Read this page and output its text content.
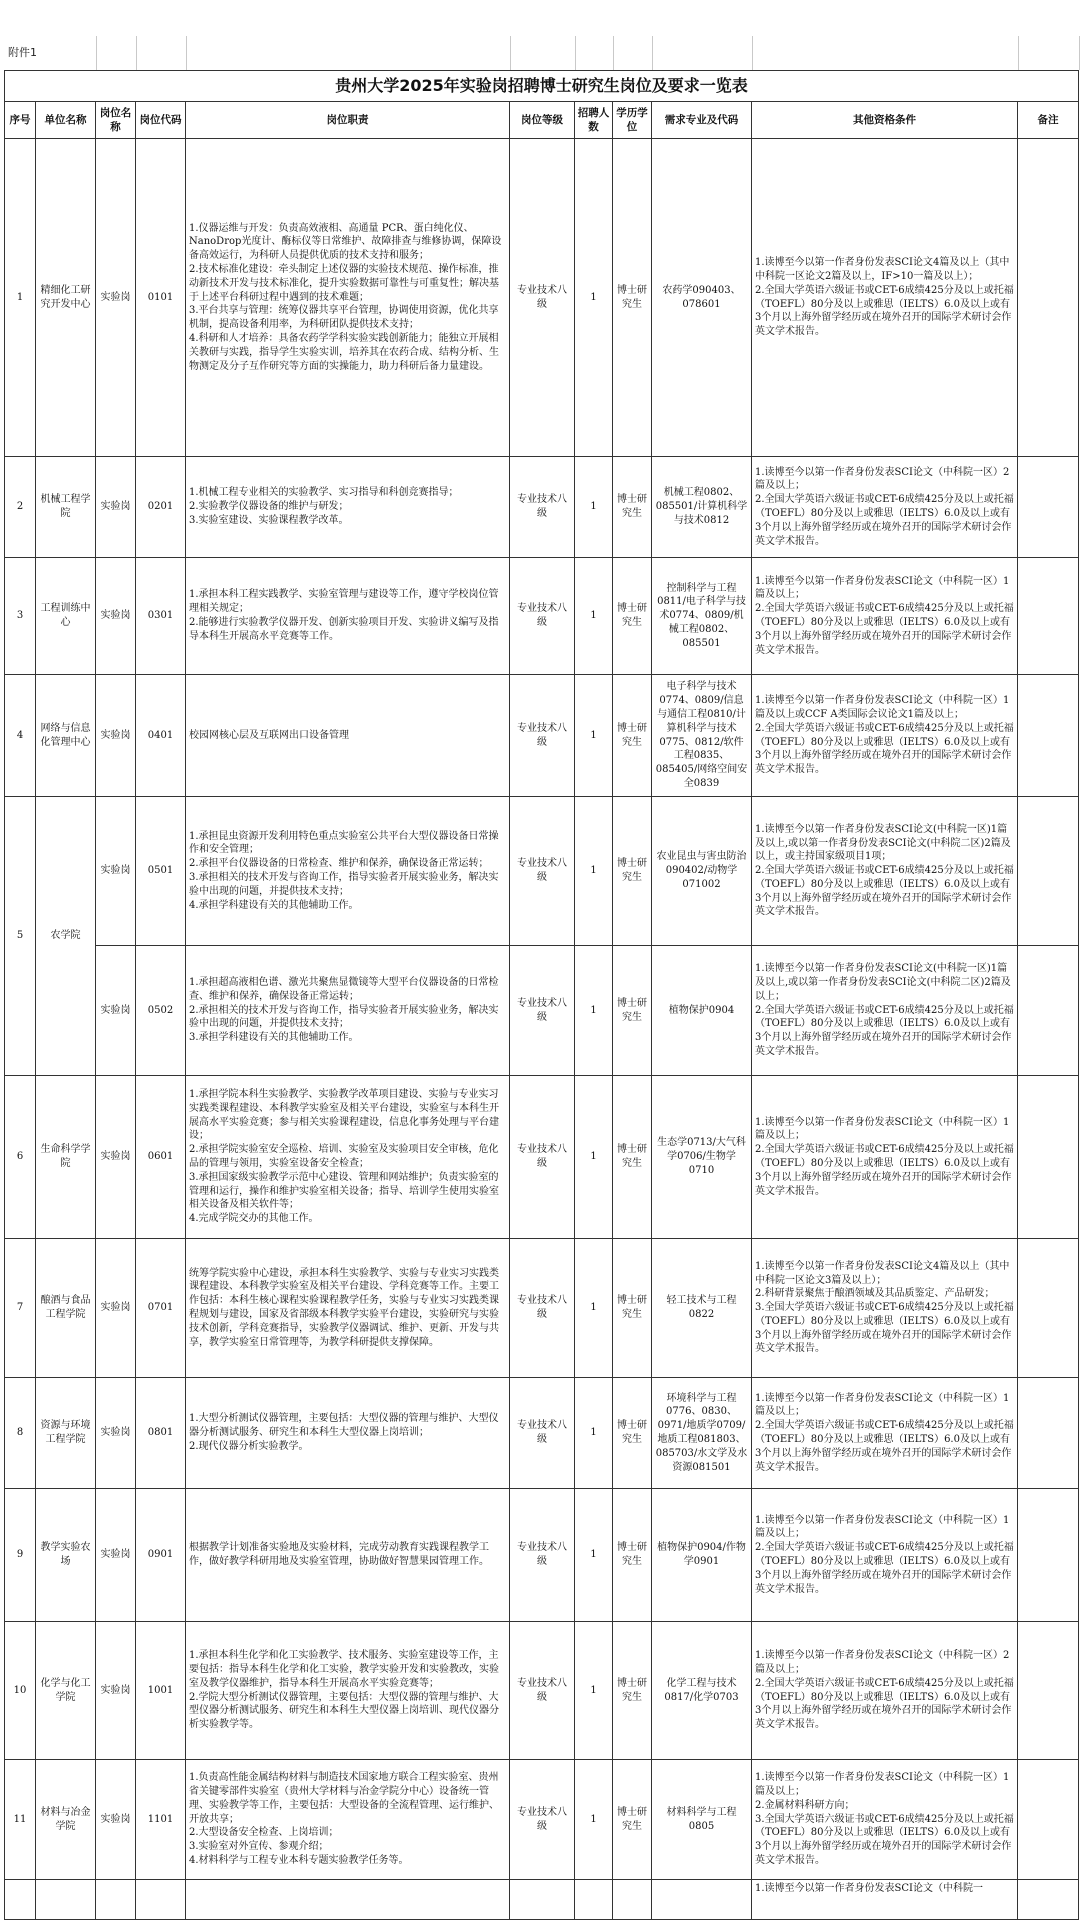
附件1
贵州大学2025年实验岗招聘博士研究生岗位及要求一览表										
序号	单位名称	岗位名称	岗位代码	岗位职责	岗位等级	招聘人数	学历学位	需求专业及代码	其他资格条件	备注
1	精细化工研究开发中心	实验岗	0101	1.仪器运维与开发：负责高效液相、高通量 PCR、蛋白纯化仪、NanoDrop光度计、酶标仪等日常维护、故障排查与维修协调，保障设备高效运行，为科研人员提供优质的技术支持和服务；
2.技术标准化建设：牵头制定上述仪器的实验技术规范、操作标准，推动新技术开发与技术标准化，提升实验数据可靠性与可重复性；解决基于上述平台科研过程中遇到的技术难题；
3.平台共享与管理：统筹仪器共享平台管理，协调使用资源，优化共享机制，提高设备利用率，为科研团队提供技术支持；
4.科研和人才培养：具备农药学学科实验实践创新能力；能独立开展相关教研与实践，指导学生实验实训，培养其在农药合成、结构分析、生物测定及分子互作研究等方面的实操能力，助力科研后备力量建设。	专业技术八级	1	博士研究生	农药学090403、078601	1.读博至今以第一作者身份发表SCI论文4篇及以上（其中中科院一区论文2篇及以上，IF>10一篇及以上）；
2.全国大学英语六级证书或CET-6成绩425分及以上或托福（TOEFL）80分及以上或雅思（IELTS）6.0及以上或有3个月以上海外留学经历或在境外召开的国际学术研讨会作英文学术报告。	
2	机械工程学院	实验岗	0201	1.机械工程专业相关的实验教学、实习指导和科创竞赛指导；
2.实验教学仪器设备的维护与研发；
3.实验室建设、实验课程教学改革。	专业技术八级	1	博士研究生	机械工程0802、085501/计算机科学与技术0812	1.读博至今以第一作者身份发表SCI论文（中科院一区）2篇及以上；
2.全国大学英语六级证书或CET-6成绩425分及以上或托福（TOEFL）80分及以上或雅思（IELTS）6.0及以上或有3个月以上海外留学经历或在境外召开的国际学术研讨会作英文学术报告。	
3	工程训练中心	实验岗	0301	1.承担本科工程实践教学、实验室管理与建设等工作，遵守学校岗位管理相关规定；
2.能够进行实验教学仪器开发、创新实验项目开发、实验讲义编写及指导本科生开展高水平竞赛等工作。	专业技术八级	1	博士研究生	控制科学与工程0811/电子科学与技术0774、0809/机械工程0802、085501	1.读博至今以第一作者身份发表SCI论文（中科院一区）1篇及以上；
2.全国大学英语六级证书或CET-6成绩425分及以上或托福（TOEFL）80分及以上或雅思（IELTS）6.0及以上或有3个月以上海外留学经历或在境外召开的国际学术研讨会作英文学术报告。	
4	网络与信息化管理中心	实验岗	0401	校园网核心层及互联网出口设备管理	专业技术八级	1	博士研究生	电子科学与技术0774、0809/信息与通信工程0810/计算机科学与技术0775、0812/软件工程0835、085405/网络空间安全0839	1.读博至今以第一作者身份发表SCI论文（中科院一区）1篇及以上或CCF A类国际会议论文1篇及以上；
2.全国大学英语六级证书或CET-6成绩425分及以上或托福（TOEFL）80分及以上或雅思（IELTS）6.0及以上或有3个月以上海外留学经历或在境外召开的国际学术研讨会作英文学术报告。	
5	农学院	实验岗	0501	1.承担昆虫资源开发利用特色重点实验室公共平台大型仪器设备日常操作和安全管理；
2.承担平台仪器设备的日常检查、维护和保养，确保设备正常运转；
3.承担相关的技术开发与咨询工作，指导实验者开展实验业务，解决实验中出现的问题，并提供技术支持；
4.承担学科建设有关的其他辅助工作。	专业技术八级	1	博士研究生	农业昆虫与害虫防治090402/动物学071002	1.读博至今以第一作者身份发表SCI论文(中科院一区)1篇及以上,或以第一作者身份发表SCI论文(中科院二区)2篇及以上，或主持国家级项目1项；
2.全国大学英语六级证书或CET-6成绩425分及以上或托福（TOEFL）80分及以上或雅思（IELTS）6.0及以上或有3个月以上海外留学经历或在境外召开的国际学术研讨会作英文学术报告。	
		实验岗	0502	1.承担超高液相色谱、激光共聚焦显微镜等大型平台仪器设备的日常检查、维护和保养，确保设备正常运转；
2.承担相关的技术开发与咨询工作，指导实验者开展实验业务，解决实验中出现的问题，并提供技术支持；
3.承担学科建设有关的其他辅助工作。	专业技术八级	1	博士研究生	植物保护0904	1.读博至今以第一作者身份发表SCI论文(中科院一区)1篇及以上,或以第一作者身份发表SCI论文(中科院二区)2篇及以上；
2.全国大学英语六级证书或CET-6成绩425分及以上或托福（TOEFL）80分及以上或雅思（IELTS）6.0及以上或有3个月以上海外留学经历或在境外召开的国际学术研讨会作英文学术报告。	
6	生命科学学院	实验岗	0601	1.承担学院本科生实验教学、实验教学改革项目建设、实验与专业实习实践类课程建设、本科教学实验室及相关平台建设，实验室与本科生开展高水平实验竞赛；参与相关实验课程建设，信息化事务处理与平台建设；
2.承担学院实验室安全巡检、培训、实验室及实验项目安全审核，危化品的管理与领用，实验室设备安全检查；
3.承担国家级实验教学示范中心建设、管理和网站维护；负责实验室的管理和运行，操作和维护实验室相关设备；指导、培训学生使用实验室相关设备及相关软件等；
4.完成学院交办的其他工作。	专业技术八级	1	博士研究生	生态学0713/大气科学0706/生物学0710	1.读博至今以第一作者身份发表SCI论文（中科院一区）1篇及以上；
2.全国大学英语六级证书或CET-6成绩425分及以上或托福（TOEFL）80分及以上或雅思（IELTS）6.0及以上或有3个月以上海外留学经历或在境外召开的国际学术研讨会作英文学术报告。	
7	酿酒与食品工程学院	实验岗	0701	统筹学院实验中心建设，承担本科生实验教学、实验与专业实习实践类课程建设、本科教学实验室及相关平台建设、学科竞赛等工作。主要工作包括：本科生核心课程实验课程教学任务，实验与专业实习实践类课程规划与建设，国家及省部级本科教学实验平台建设，实验研究与实验技术创新，学科竞赛指导，实验教学仪器调试、维护、更新、开发与共享，教学实验室日常管理等，为教学科研提供支撑保障。	专业技术八级	1	博士研究生	轻工技术与工程0822	1.读博至今以第一作者身份发表SCI论文4篇及以上（其中中科院一区论文3篇及以上）；
2.科研背景聚焦于酿酒领域及其品质鉴定、产品研发；
3.全国大学英语六级证书或CET-6成绩425分及以上或托福（TOEFL）80分及以上或雅思（IELTS）6.0及以上或有3个月以上海外留学经历或在境外召开的国际学术研讨会作英文学术报告。	
8	资源与环境工程学院	实验岗	0801	1.大型分析测试仪器管理，主要包括：大型仪器的管理与维护、大型仪器分析测试服务、研究生和本科生大型仪器上岗培训；
2.现代仪器分析实验教学。	专业技术八级	1	博士研究生	环境科学与工程0776、0830、0971/地质学0709/地质工程081803、085703/水文学及水资源081501	1.读博至今以第一作者身份发表SCI论文（中科院一区）1篇及以上；
2.全国大学英语六级证书或CET-6成绩425分及以上或托福（TOEFL）80分及以上或雅思（IELTS）6.0及以上或有3个月以上海外留学经历或在境外召开的国际学术研讨会作英文学术报告。	
9	教学实验农场	实验岗	0901	根据教学计划准备实验地及实验材料，完成劳动教育实践课程教学工作，做好教学科研用地及实验室管理，协助做好智慧果园管理工作。	专业技术八级	1	博士研究生	植物保护0904/作物学0901	1.读博至今以第一作者身份发表SCI论文（中科院一区）1篇及以上；
2.全国大学英语六级证书或CET-6成绩425分及以上或托福（TOEFL）80分及以上或雅思（IELTS）6.0及以上或有3个月以上海外留学经历或在境外召开的国际学术研讨会作英文学术报告。	
10	化学与化工学院	实验岗	1001	1.承担本科生化学和化工实验教学、技术服务、实验室建设等工作，主要包括：指导本科生化学和化工实验，教学实验开发和实验教改，实验室及教学仪器维护，指导本科生开展高水平实验竞赛等；
2.学院大型分析测试仪器管理，主要包括：大型仪器的管理与维护、大型仪器分析测试服务、研究生和本科生大型仪器上岗培训、现代仪器分析实验教学等。	专业技术八级	1	博士研究生	化学工程与技术0817/化学0703	1.读博至今以第一作者身份发表SCI论文（中科院一区）2篇及以上；
2.全国大学英语六级证书或CET-6成绩425分及以上或托福（TOEFL）80分及以上或雅思（IELTS）6.0及以上或有3个月以上海外留学经历或在境外召开的国际学术研讨会作英文学术报告。	
11	材料与冶金学院	实验岗	1101	1.负责高性能金属结构材料与制造技术国家地方联合工程实验室、贵州省关键零部件实验室（贵州大学材料与冶金学院分中心）设备统一管理、实验教学等工作，主要包括：大型设备的全流程管理、运行维护、开放共享；
2.大型设备安全检查、上岗培训；
3.实验室对外宣传、参观介绍；
4.材料科学与工程专业本科专题实验教学任务等。	专业技术八级	1	博士研究生	材料科学与工程0805	1.读博至今以第一作者身份发表SCI论文（中科院一区）1篇及以上；
2.金属材料科研方向；
3.全国大学英语六级证书或CET-6成绩425分及以上或托福（TOEFL）80分及以上或雅思（IELTS）6.0及以上或有3个月以上海外留学经历或在境外召开的国际学术研讨会作英文学术报告。	
									1.读博至今以第一作者身份发表SCI论文（中科院一	
